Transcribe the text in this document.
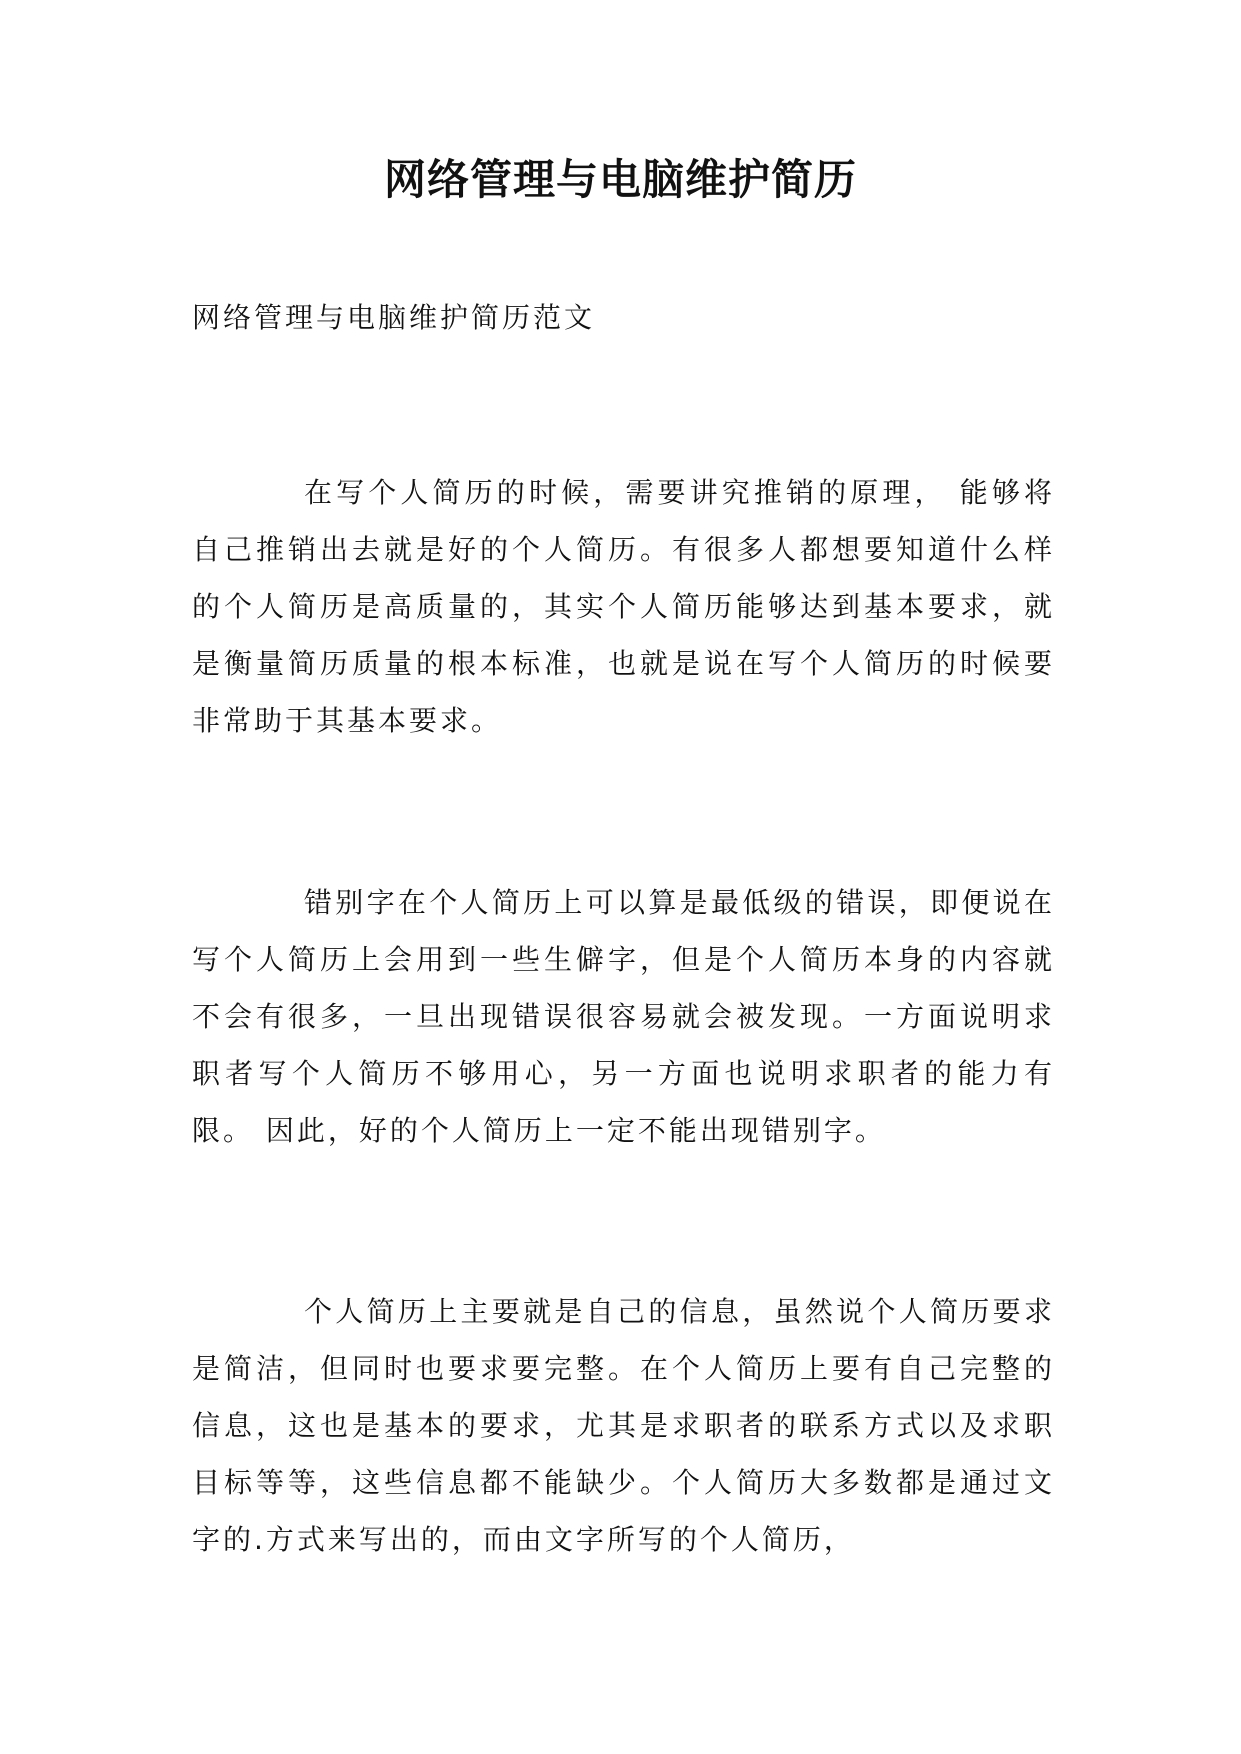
网络管理与电脑维护简历

网络管理与电脑维护简历范文

在写个人简历的时候，需要讲究推销的原理， 能够将自己推销出去就是好的个人简历。有很多人都想要知道什么样的个人简历是高质量的，其实个人简历能够达到基本要求，就是衡量简历质量的根本标准，也就是说在写个人简历的时候要非常助于其基本要求。

错别字在个人简历上可以算是最低级的错误，即便说在写个人简历上会用到一些生僻字，但是个人简历本身的内容就不会有很多，一旦出现错误很容易就会被发现。一方面说明求职者写个人简历不够用心，另一方面也说明求职者的能力有限。 因此，好的个人简历上一定不能出现错别字。

个人简历上主要就是自己的信息，虽然说个人简历要求是简洁，但同时也要求要完整。在个人简历上要有自己完整的信息，这也是基本的要求，尤其是求职者的联系方式以及求职目标等等，这些信息都不能缺少。个人简历大多数都是通过文字的.方式来写出的，而由文字所写的个人简历，
